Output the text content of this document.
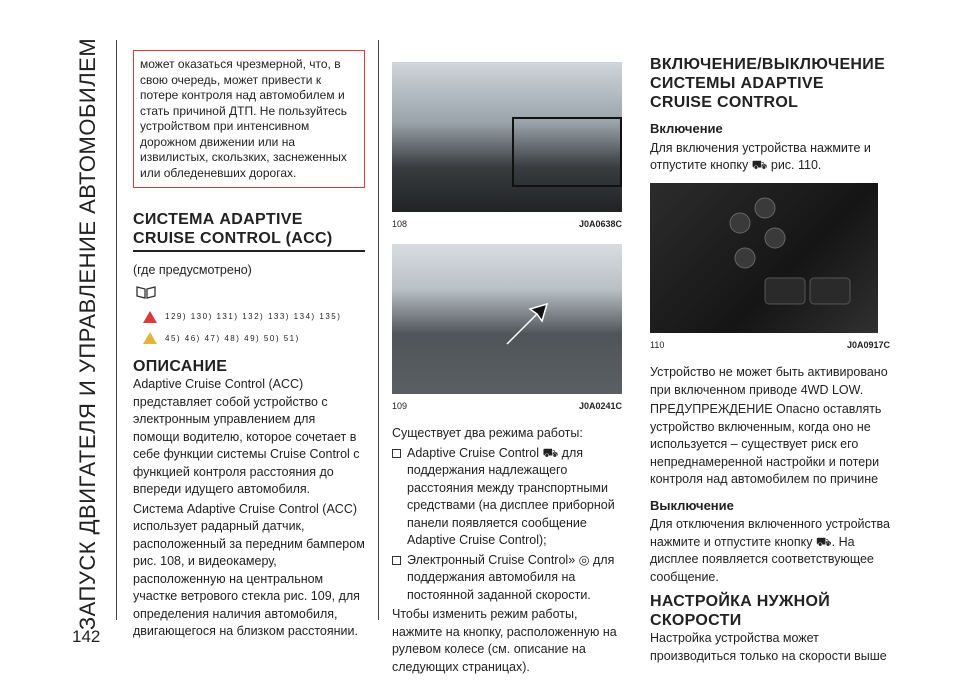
ЗАПУСК ДВИГАТЕЛЯ И УПРАВЛЕНИЕ АВТОМОБИЛЕМ
142
может оказаться чрезмерной, что, в свою очередь, может привести к потере контроля над автомобилем и стать причиной ДТП. Не пользуйтесь устройством при интенсивном дорожном движении или на извилистых, скользких, заснеженных или обледеневших дорогах.
СИСТЕМА ADAPTIVE CRUISE CONTROL (ACC)
(где предусмотрено)
129) 130) 131) 132) 133) 134) 135)
45) 46) 47) 48) 49) 50) 51)
ОПИСАНИЕ
Adaptive Cruise Control (ACC) представляет собой устройство с электронным управлением для помощи водителю, которое сочетает в себе функции системы Cruise Control с функцией контроля расстояния до впереди идущего автомобиля.
Система Adaptive Cruise Control (ACC) использует радарный датчик, расположенный за передним бампером рис. 108, и видеокамеру, расположенную на центральном участке ветрового стекла рис. 109, для определения наличия автомобиля, двигающегося на близком расстоянии.
108	J0A0638C
109	J0A0241C
Существует два режима работы:
Adaptive Cruise Control ⛟ для поддержания надлежащего расстояния между транспортными средствами (на дисплее приборной панели появляется сообщение Adaptive Cruise Control);
Электронный Cruise Control» ◎ для поддержания автомобиля на постоянной заданной скорости.
Чтобы изменить режим работы, нажмите на кнопку, расположенную на рулевом колесе (см. описание на следующих страницах).
ВКЛЮЧЕНИЕ/ВЫКЛЮЧЕНИЕ СИСТЕМЫ ADAPTIVE CRUISE CONTROL
Включение
Для включения устройства нажмите и отпустите кнопку ⛟ рис. 110.
110	J0A0917C
Устройство не может быть активировано при включенном приводе 4WD LOW.
ПРЕДУПРЕЖДЕНИЕ Опасно оставлять устройство включенным, когда оно не используется – существует риск его непреднамеренной настройки и потери контроля над автомобилем по причине
Выключение
Для отключения включенного устройства нажмите и отпустите кнопку ⛟. На дисплее появляется соответствующее сообщение.
НАСТРОЙКА НУЖНОЙ СКОРОСТИ
Настройка устройства может производиться только на скорости выше
